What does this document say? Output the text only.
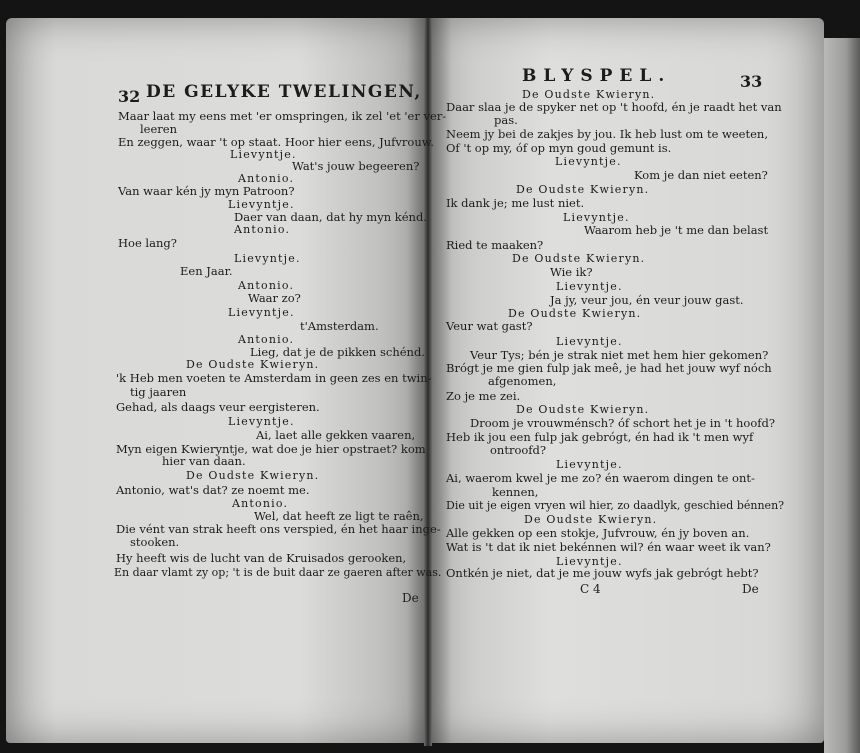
32 DE GELYKE TWELINGEN,
BLYSPEL.	33
Maar laat my eens met 'er omspringen, ik zel 'et 'er ver-
leeren
En zeggen, waar 't op staat. Hoor hier eens, Jufvrouw.
Lievyntje.
Wat's jouw begeeren?
Antonio.
Van waar kén jy myn Patroon?
Lievyntje.
Daer van daan, dat hy myn kénd.
Antonio.
Hoe lang?
Lievyntje.
Een Jaar.
Antonio.
Waar zo?
Lievyntje.
t'Amsterdam.
Antonio.
Lieg, dat je de pikken schénd.
De Oudste Kwieryn.
'k Heb men voeten te Amsterdam in geen zes en twin-
tig jaaren
Gehad, als daags veur eergisteren.
Lievyntje.
Ai, laet alle gekken vaaren,
Myn eigen Kwieryntje, wat doe je hier opstraet? kom
hier van daan.
De Oudste Kwieryn.
Antonio, wat's dat? ze noemt me.
Antonio.
Wel, dat heeft ze ligt te raên,
Die vént van strak heeft ons verspied, én het haar inge-
stooken.
Hy heeft wis de lucht van de Kruisados gerooken,
En daar vlamt zy op; 't is de buit daar ze gaeren after was.
De
De Oudste Kwieryn.
Daar slaa je de spyker net op 't hoofd, én je raadt het van
pas.
Neem jy bei de zakjes by jou. Ik heb lust om te weeten,
Of 't op my, óf op myn goud gemunt is.
Lievyntje.
Kom je dan niet eeten?
De Oudste Kwieryn.
Ik dank je; me lust niet.
Lievyntje.
Waarom heb je 't me dan belast
Ried te maaken?
De Oudste Kwieryn.
Wie ik?
Lievyntje.
Ja jy, veur jou, én veur jouw gast.
De Oudste Kwieryn.
Veur wat gast?
Lievyntje.
Veur Tys; bén je strak niet met hem hier gekomen?
Brógt je me gien fulp jak meê, je had het jouw wyf nóch
afgenomen,
Zo je me zei.
De Oudste Kwieryn.
Droom je vrouwménsch? óf schort het je in 't hoofd?
Heb ik jou een fulp jak gebrógt, én had ik 't men wyf
ontroofd?
Lievyntje.
Ai, waerom kwel je me zo? én waerom dingen te ont-
kennen,
Die uit je eigen vryen wil hier, zo daadlyk, geschied bénnen?
De Oudste Kwieryn.
Alle gekken op een stokje, Jufvrouw, én jy boven an.
Wat is 't dat ik niet bekénnen wil? én waar weet ik van?
Lievyntje.
Ontkén je niet, dat je me jouw wyfs jak gebrógt hebt?
C 4	De
